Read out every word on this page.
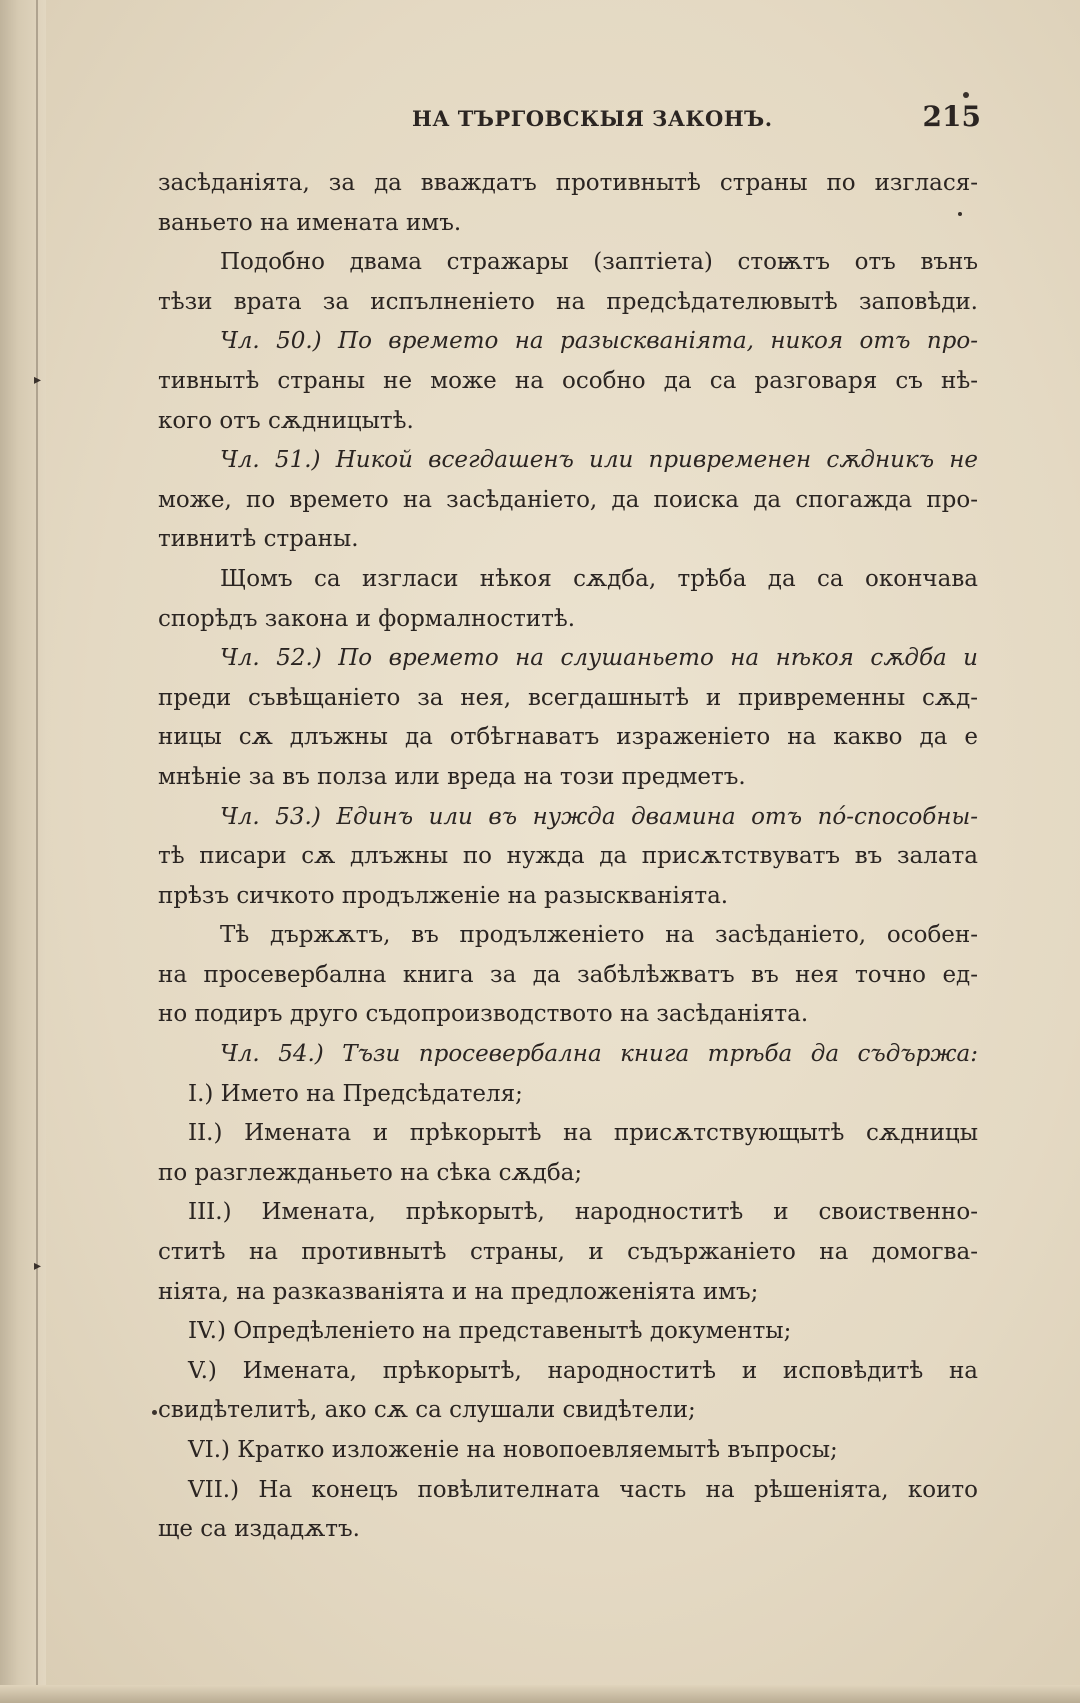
▸
▸
НА ТЪРГОВСКЫЯ ЗАКОНЪ.	215
засѣданіята, за да вваждатъ противнытѣ страны по изглася-
ваньето на имената имъ.
Подобно двама стражары (заптіета) стоѭтъ отъ вънъ
тѣзи врата за испълненіето на предсѣдателювытѣ заповѣди.
Чл. 50.) По времето на разыскваніята, никоя отъ про-
тивнытѣ страны не може на особно да са разговаря съ нѣ-
кого отъ сѫдницытѣ.
Чл. 51.) Никой всегдашенъ или привременен сѫдникъ не
може, по времето на засѣданіето, да поиска да спогажда про-
тивнитѣ страны.
Щомъ са изгласи нѣкоя сѫдба, трѣба да са окончава
спорѣдъ закона и формалноститѣ.
Чл. 52.) По времето на слушаньето на нѣкоя сѫдба и
преди съвѣщаніето за нея, всегдашнытѣ и привременны сѫд-
ницы сѫ длъжны да отбѣгнаватъ израженіето на какво да е
мнѣніе за въ полза или вреда на този предметъ.
Чл. 53.) Единъ или въ нужда двамина отъ пó-способны-
тѣ писари сѫ длъжны по нужда да присѫтствуватъ въ залата
прѣзъ сичкото продълженіе на разыскваніята.
Тѣ държѫтъ, въ продълженіето на засѣданіето, особен-
на просевербална книга за да забѣлѣжватъ въ нея точно ед-
но подиръ друго съдопроизводството на засѣданіята.
Чл. 54.) Тъзи просевербална книга трѣба да съдържа:
I.) Името на Предсѣдателя;
II.) Имената и прѣкорытѣ на присѫтствующытѣ сѫдницы
по разглежданьето на сѣка сѫдба;
III.) Имената, прѣкорытѣ, народноститѣ и своиственно-
ститѣ на противнытѣ страны, и съдържаніето на домогва-
нiята, на разказваніята и на предложеніята имъ;
IV.) Опредѣленіето на представенытѣ документы;
V.) Имената, прѣкорытѣ, народноститѣ и исповѣдитѣ на
свидѣтелитѣ, ако сѫ са слушали свидѣтели;
VI.) Кратко изложеніе на новопоевляемытѣ въпросы;
VII.) На конецъ повѣлителната часть на рѣшеніята, които
ще са издадѫтъ.
